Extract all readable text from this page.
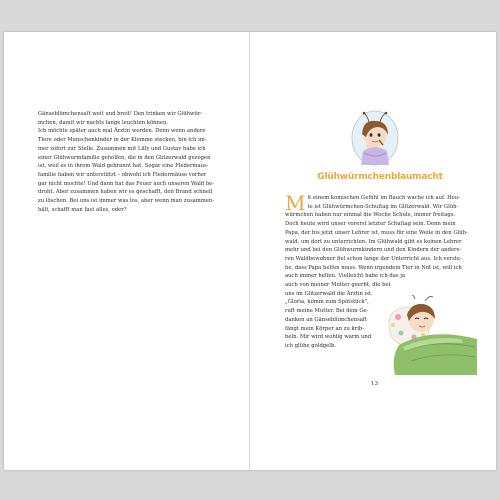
Gänseblümchensaft weit und breit! Den trinken wir Glühwür-

mchen, damit wir nachts lange leuchten können.

Ich möchte später auch mal Ärztin werden. Denn wenn andere

Tiere oder Menschenkinder in der Klemme stecken, bin ich im-

mer sofort zur Stelle. Zusammen mit Lilly und Gustav habe ich

einer Glühwurmfamilie geholfen, die in den Glitzerwald gezogen

ist, weil es in ihrem Wald gebrannt hat. Sogar eine Fledermaus-

familie haben wir unterstützt – obwohl ich Fledermäuse vorher

gar nicht mochte! Und dann hat das Feuer auch unseren Wald be-

droht. Aber zusammen haben wir es geschafft, den Brand schnell

zu löschen. Bei uns ist immer was los, aber wenn man zusammen-

hält, schafft man fast alles, oder?

Glühwürmchenblaumacht
M it einem komischen Gefühl im Bauch wache ich auf. Heu-

te ist Glühwürmchen-Schultag im Glitzerwald. Wir Glüh-

würmchen haben nur einmal die Woche Schule, immer freitags.

Doch heute wird unser vorerst letzter Schultag sein. Denn mein

Papa, der bis jetzt unser Lehrer ist, muss für eine Weile in den Glüh-

wald, um dort zu unterrichten. Im Glühwald gibt es keinen Lehrer

mehr und bei den Glühwurmkindern und den Kindern der andere-

ren Waldbewohner fiel schon lange der Unterricht aus. Ich verste-

he, dass Papa helfen muss. Wenn irgendein Tier in Not ist, will ich

auch immer helfen. Vielleicht habe ich das ja

auch von meiner Mutter geerbt, die bei

uns im Glitzerwald die Ärztin ist.

„Gloria, komm zum Spätstück",

ruft meine Mutter. Bei dem Ge-

danken an Gänseblümchensaft

fängt mein Körper an zu krib-

beln. Mir wird wohlig warm und

ich glühe goldgelb.

13
